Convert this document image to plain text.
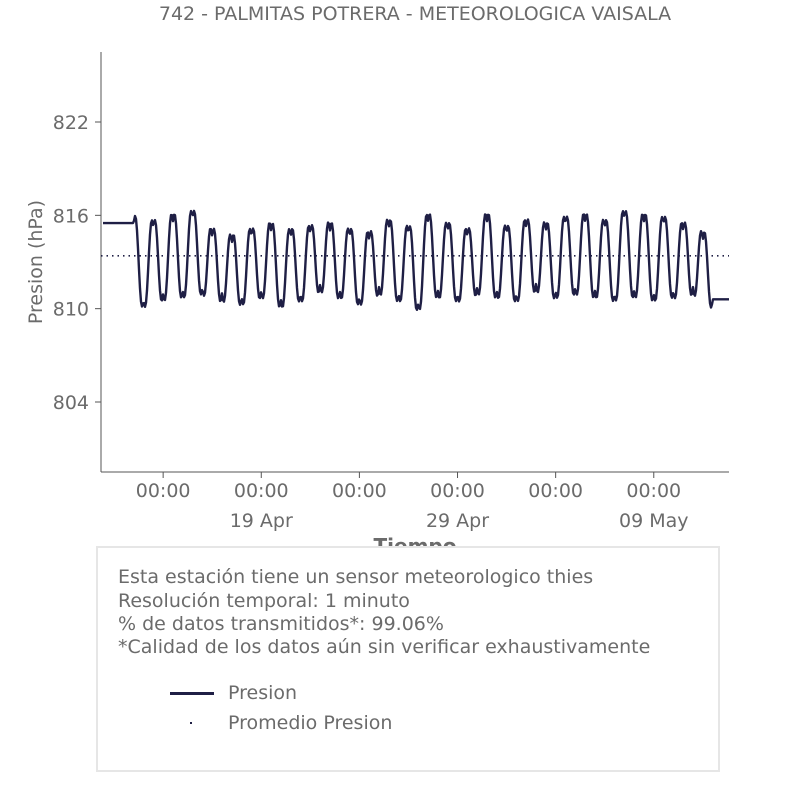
742 - PALMITAS POTRERA - METEOROLOGICA VAISALA
804
810
816
822
00:00 00:00
19 Apr
00:00 00:00
29 Apr
00:00 00:00
09 May
Presion (hPa)
Esta estación tiene un sensor meteorologico thies
Resolución temporal: 1 minuto
% de datos transmitidos*: 99.06%
*Calidad de los datos aún sin verificar exhaustivamente
Presion
Promedio Presion
